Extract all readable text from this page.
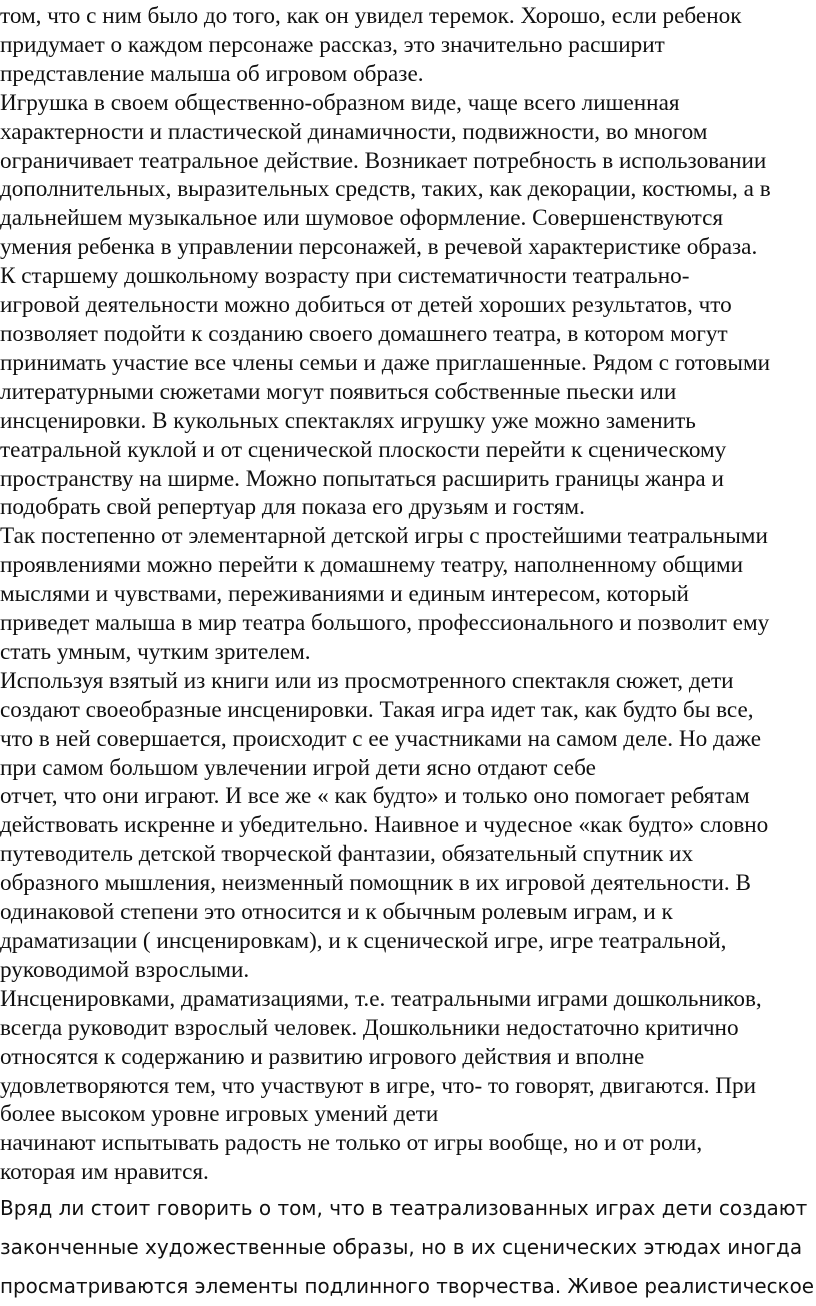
том, что с ним было до того, как он увидел теремок. Хорошо, если ребенок
придумает о каждом персонаже рассказ, это значительно расширит
представление малыша об игровом образе.
Игрушка в своем общественно-образном виде, чаще всего лишенная
характерности и пластической динамичности, подвижности, во многом
ограничивает театральное действие. Возникает потребность в использовании
дополнительных, выразительных средств, таких, как декорации, костюмы, а в
дальнейшем музыкальное или шумовое оформление. Совершенствуются
умения ребенка в управлении персонажей, в речевой характеристике образа.
К старшему дошкольному возрасту при систематичности театрально-
игровой деятельности можно добиться от детей хороших результатов, что
позволяет подойти к созданию своего домашнего театра, в котором могут
принимать участие все члены семьи и даже приглашенные. Рядом с готовыми
литературными сюжетами могут появиться собственные пьески или
инсценировки. В кукольных спектаклях игрушку уже можно заменить
театральной куклой и от сценической плоскости перейти к сценическому
пространству на ширме. Можно попытаться расширить границы жанра и
подобрать свой репертуар для показа его друзьям и гостям.
Так постепенно от элементарной детской игры с простейшими театральными
проявлениями можно перейти к домашнему театру, наполненному общими
мыслями и чувствами, переживаниями и единым интересом, который
приведет малыша в мир театра большого, профессионального и позволит ему
стать умным, чутким зрителем.
Используя взятый из книги или из просмотренного спектакля сюжет, дети
создают своеобразные инсценировки. Такая игра идет так, как будто бы все,
что в ней совершается, происходит с ее участниками на самом деле. Но даже
при самом большом увлечении игрой дети ясно отдают себе
отчет, что они играют. И все же « как будто» и только оно помогает ребятам
действовать искренне и убедительно. Наивное и чудесное «как будто» словно
путеводитель детской творческой фантазии, обязательный спутник их
образного мышления, неизменный помощник в их игровой деятельности. В
одинаковой степени это относится и к обычным ролевым играм, и к
драматизации ( инсценировкам), и к сценической игре, игре театральной,
руководимой взрослыми.
Инсценировками, драматизациями, т.е. театральными играми дошкольников,
всегда руководит взрослый человек. Дошкольники недостаточно критично
относятся к содержанию и развитию игрового действия и вполне
удовлетворяются тем, что участвуют в игре, что- то говорят, двигаются. При
более высоком уровне игровых умений дети
начинают испытывать радость не только от игры вообще, но и от роли,
которая им нравится.
Вряд ли стоит говорить о том, что в театрализованных играх дети создают
законченные художественные образы, но в их сценических этюдах иногда
просматриваются элементы подлинного творчества. Живое реалистическое
